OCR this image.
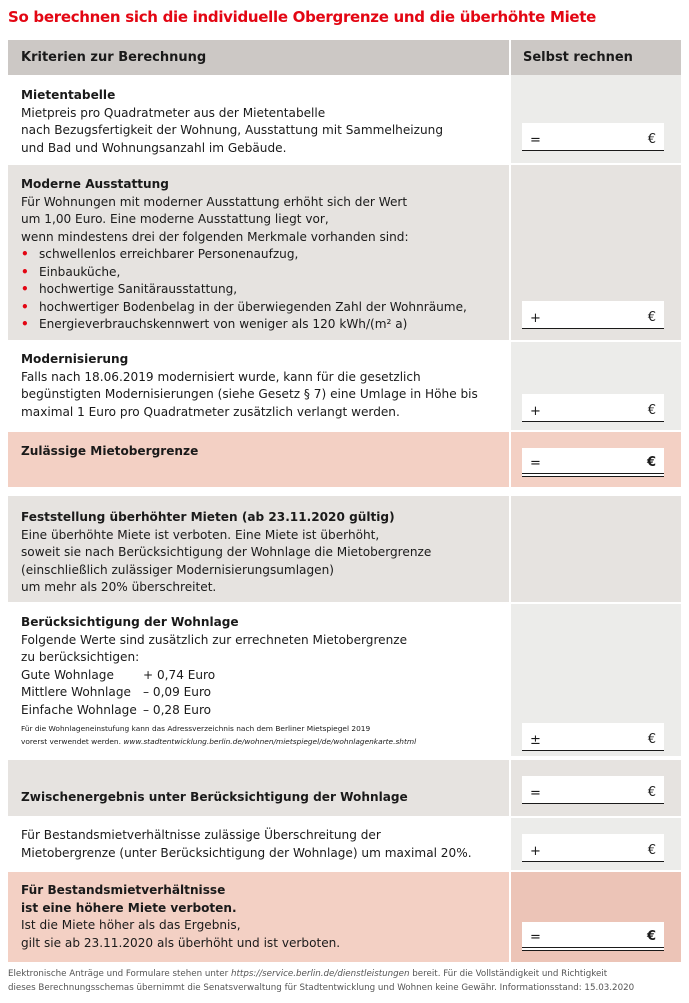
So berechnen sich die individuelle Obergrenze und die überhöhte Miete
Kriterien zur Berechnung	Selbst rechnen
Mietentabelle
Mietpreis pro Quadratmeter aus der Mietentabelle
nach Bezugsfertigkeit der Wohnung, Ausstattung mit Sammelheizung
und Bad und Wohnungsanzahl im Gebäude.	=	€
Moderne Ausstattung
Für Wohnungen mit moderner Ausstattung erhöht sich der Wert
um 1,00 Euro. Eine moderne Ausstattung liegt vor,
wenn mindestens drei der folgenden Merkmale vorhanden sind:
• schwellenlos erreichbarer Personenaufzug,
• Einbauküche,
• hochwertige Sanitärausstattung,
• hochwertiger Bodenbelag in der überwiegenden Zahl der Wohnräume,
• Energieverbrauchskennwert von weniger als 120 kWh/(m² a)	+	€
Modernisierung
Falls nach 18.06.2019 modernisiert wurde, kann für die gesetzlich
begünstigten Modernisierungen (siehe Gesetz § 7) eine Umlage in Höhe bis
maximal 1 Euro pro Quadratmeter zusätzlich verlangt werden.	+	€
Zulässige Mietobergrenze
=	€
Feststellung überhöhter Mieten (ab 23.11.2020 gültig)
Eine überhöhte Miete ist verboten. Eine Miete ist überhöht,
soweit sie nach Berücksichtigung der Wohnlage die Mietobergrenze
(einschließlich zulässiger Modernisierungsumlagen)
um mehr als 20% überschreitet.
Berücksichtigung der Wohnlage
Folgende Werte sind zusätzlich zur errechneten Mietobergrenze
zu berücksichtigen:
Gute Wohnlage	+ 0,74 Euro
Mittlere Wohnlage – 0,09 Euro
Einfache Wohnlage – 0,28 Euro
Für die Wohnlageneinstufung kann das Adressverzeichnis nach dem Berliner Mietspiegel 2019
vorerst verwendet werden. www.stadtentwicklung.berlin.de/wohnen/mietspiegel/de/wohnlagenkarte.shtml	±	€
Zwischenergebnis unter Berücksichtigung der Wohnlage	=	€
Für Bestandsmietverhältnisse zulässige Überschreitung der
Mietobergrenze (unter Berücksichtigung der Wohnlage) um maximal 20%.	+	€
Für Bestandsmietverhältnisse
ist eine höhere Miete verboten.
Ist die Miete höher als das Ergebnis,
gilt sie ab 23.11.2020 als überhöht und ist verboten.	=	€
Elektronische Anträge und Formulare stehen unter https://service.berlin.de/dienstleistungen bereit. Für die Vollständigkeit und Richtigkeit
dieses Berechnungsschemas übernimmt die Senatsverwaltung für Stadtentwicklung und Wohnen keine Gewähr. Informationsstand: 15.03.2020
